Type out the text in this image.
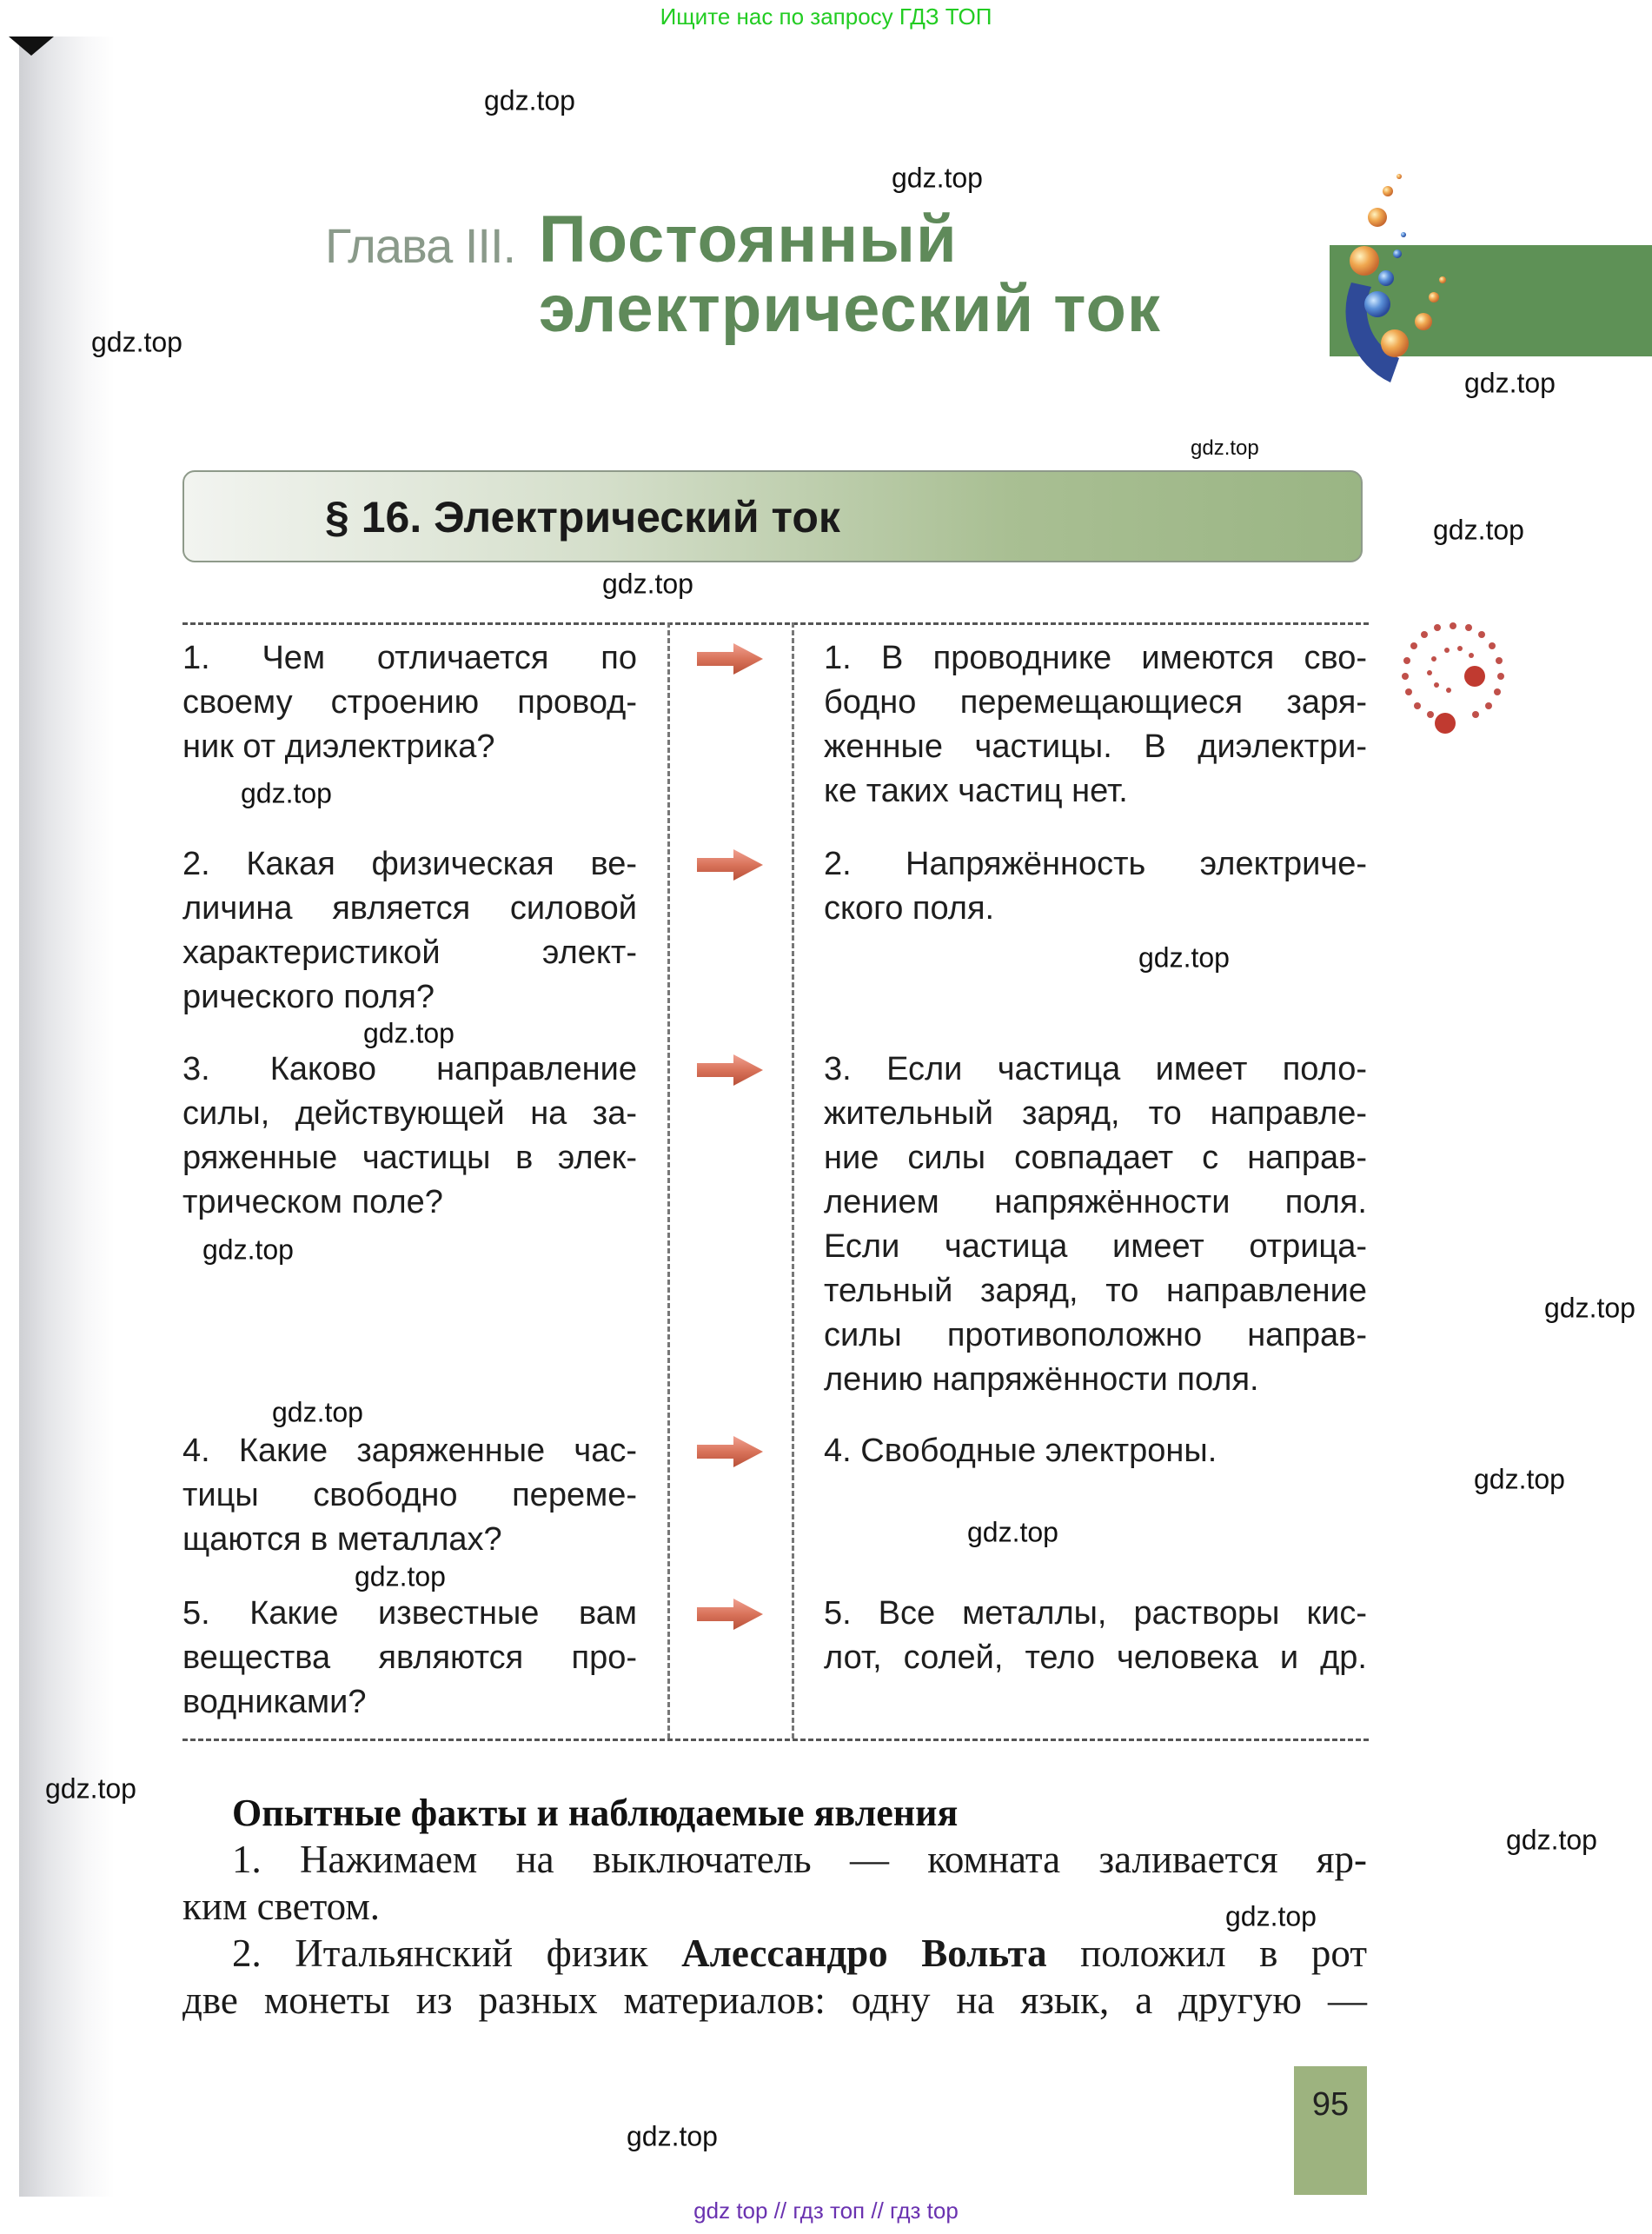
Ищите нас по запросу ГДЗ ТОП
Глава III. Постоянный
электрический ток
§ 16. Электрический ток
1. Чем отличается по
своему строению провод-
ник от диэлектрика?
1. В проводнике имеются сво-
бодно перемещающиеся заря-
женные частицы. В диэлектри-
ке таких частиц нет.
2. Какая физическая ве-
личина является силовой
характеристикой элект-
рического поля?
2. Напряжённость электриче-
ского поля.
3. Каково направление
силы, действующей на за-
ряженные частицы в элек-
трическом поле?
3. Если частица имеет поло-
жительный заряд, то направле-
ние силы совпадает с направ-
лением напряжённости поля.
Если частица имеет отрица-
тельный заряд, то направление
силы противоположно направ-
лению напряжённости поля.
4. Какие заряженные час-
тицы свободно переме-
щаются в металлах?
4. Свободные электроны.
5. Какие известные вам
вещества являются про-
водниками?
5. Все металлы, растворы кис-
лот, солей, тело человека и др.
Опытные факты и наблюдаемые явления
1. Нажимаем на выключатель — комната заливается яр-
ким светом.
2. Итальянский физик Алессандро Вольта положил в рот
две монеты из разных материалов: одну на язык, а другую —
95
gdz top // гдз топ // гдз top
gdz.top
gdz.top
gdz.top
gdz.top
gdz.top
gdz.top
gdz.top
gdz.top
gdz.top
gdz.top
gdz.top
gdz.top
gdz.top
gdz.top
gdz.top
gdz.top
gdz.top
gdz.top
gdz.top
gdz.top
